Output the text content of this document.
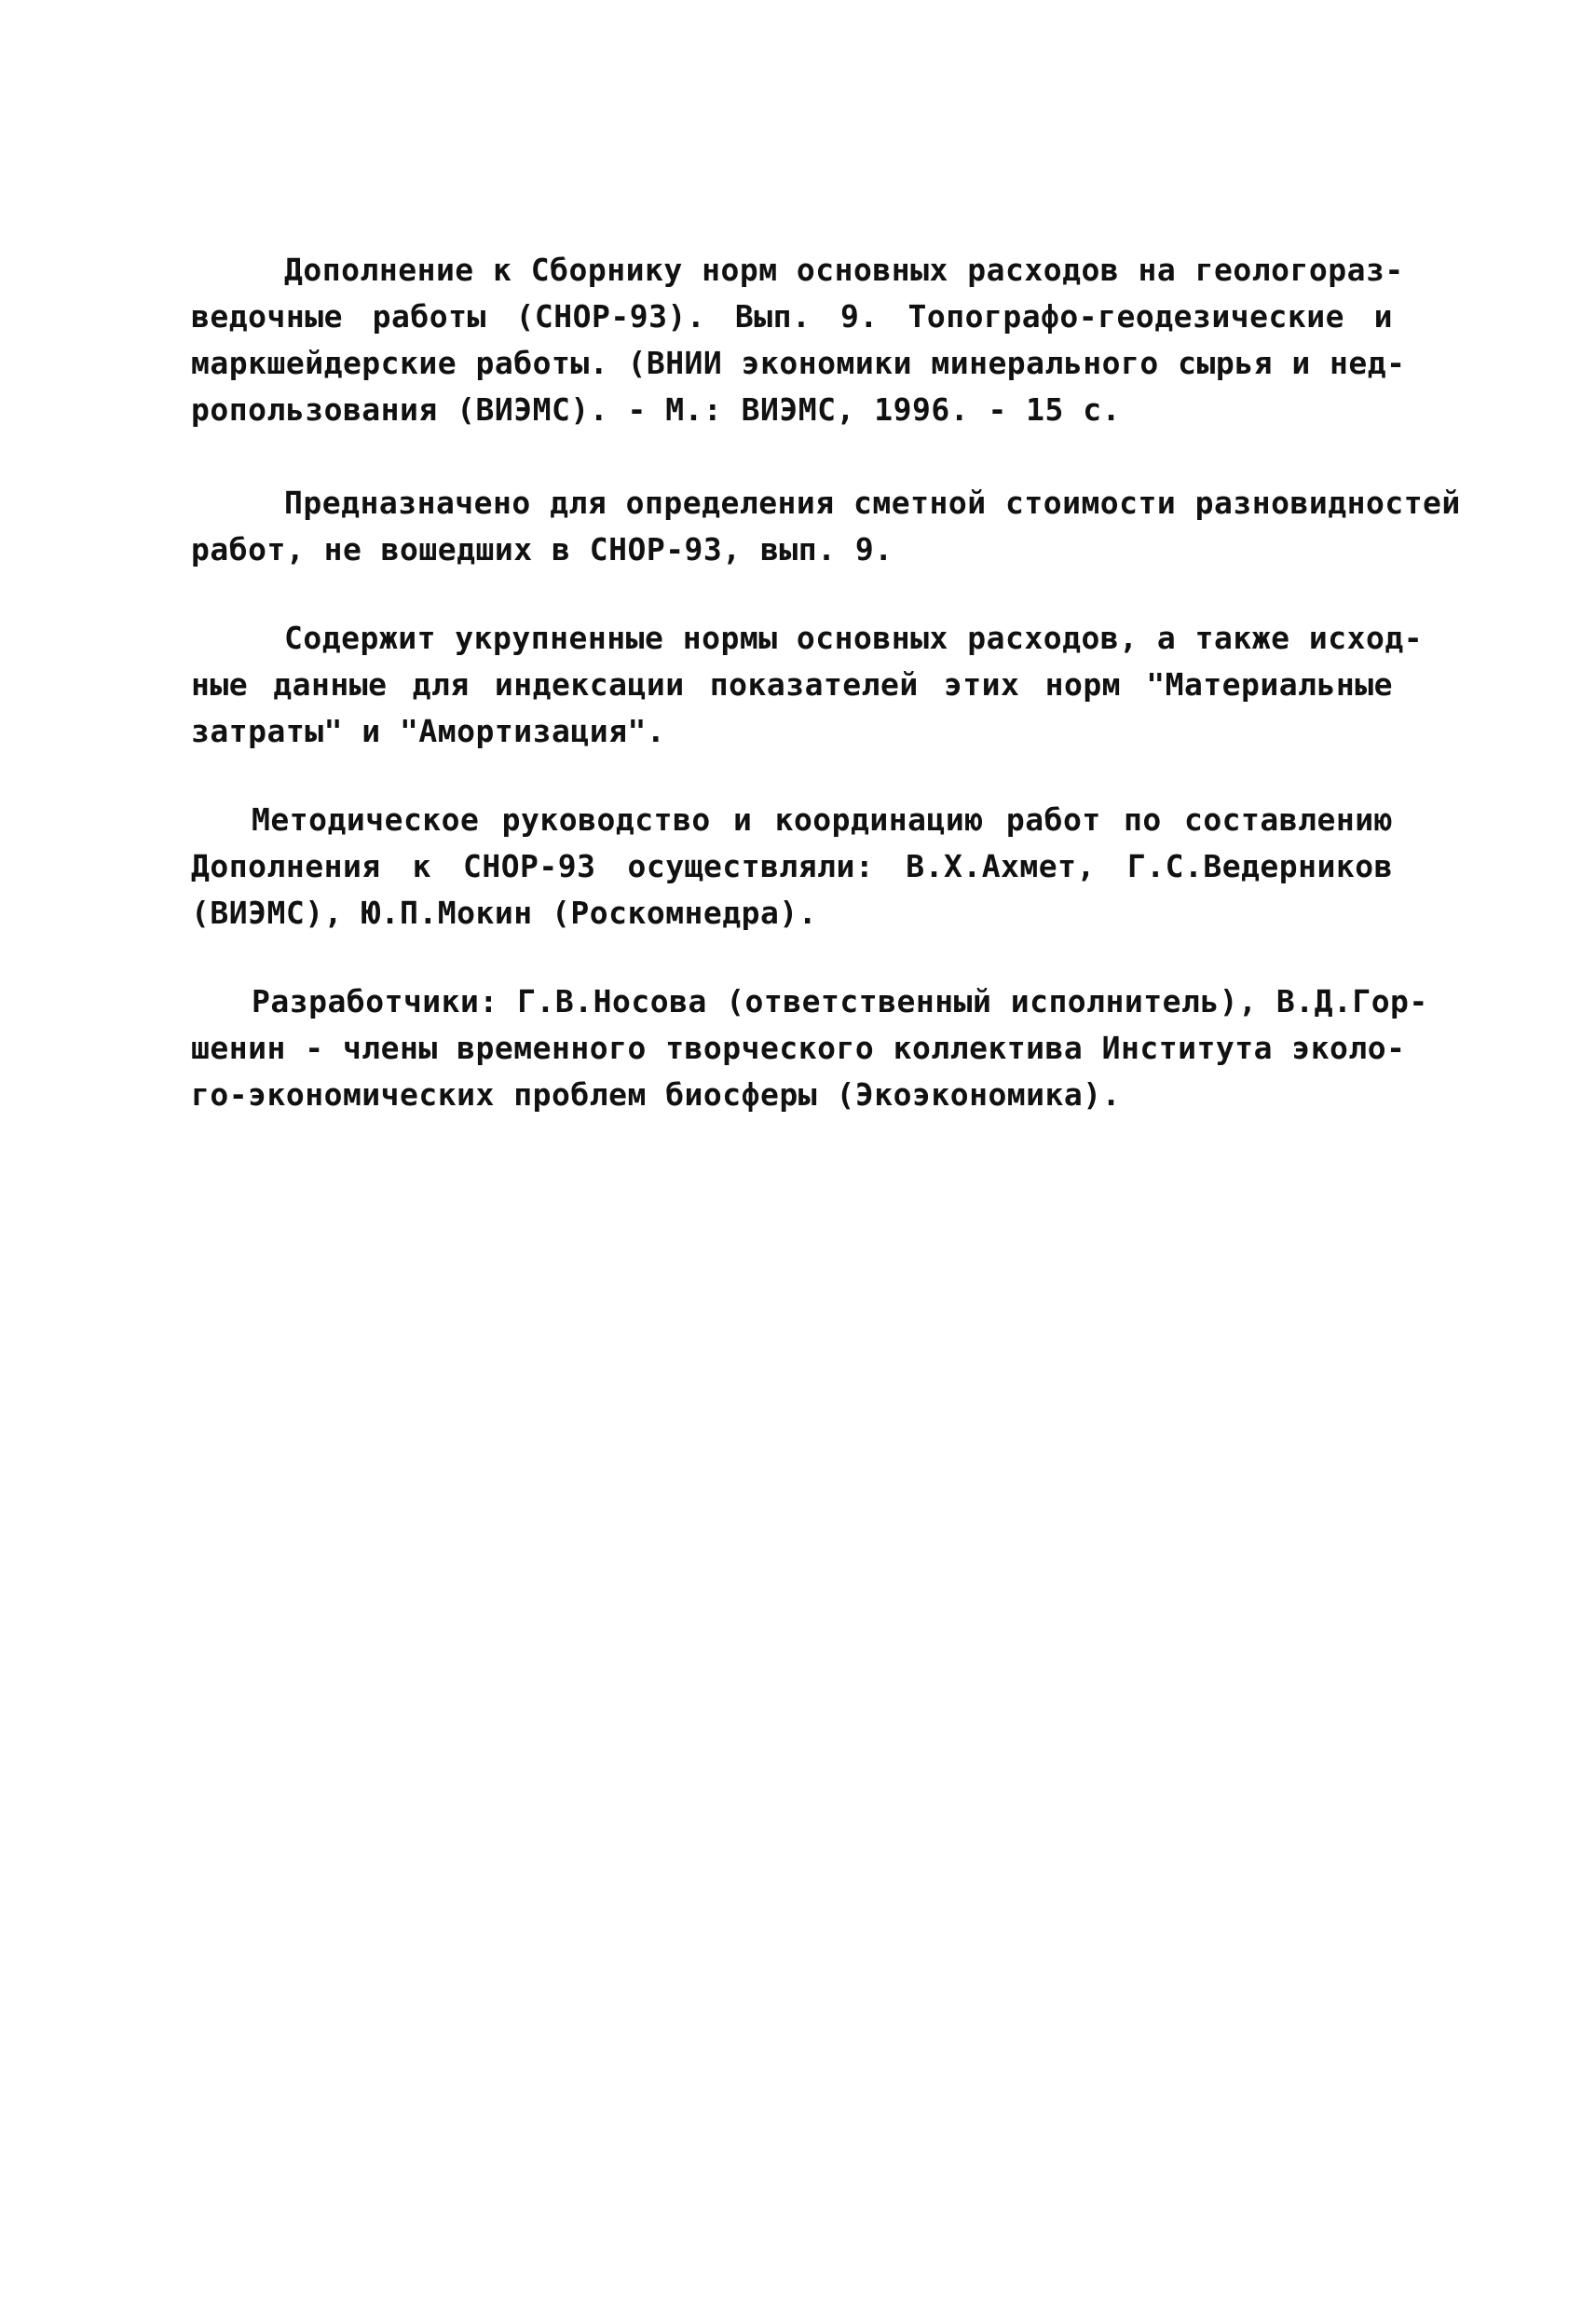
Дополнение к Сборнику норм основных расходов на геологораз-
ведочные работы (СНОР-93). Вып. 9. Топографо-геодезические и
маркшейдерские работы. (ВНИИ экономики минерального сырья и нед-
ропользования (ВИЭМС). - М.: ВИЭМС, 1996. - 15 с.
Предназначено для определения сметной стоимости разновидностей
работ, не вошедших в СНОР-93, вып. 9.
Содержит укрупненные нормы основных расходов, а также исход-
ные данные для индексации показателей этих норм "Материальные
затраты" и "Амортизация".
Методическое руководство и координацию работ по составлению
Дополнения к СНОР-93 осуществляли: В.Х.Ахмет, Г.С.Ведерников
(ВИЭМС), Ю.П.Мокин (Роскомнедра).
Разработчики: Г.В.Носова (ответственный исполнитель), В.Д.Гор-
шенин - члены временного творческого коллектива Института эколо-
го-экономических проблем биосферы (Экоэкономика).
